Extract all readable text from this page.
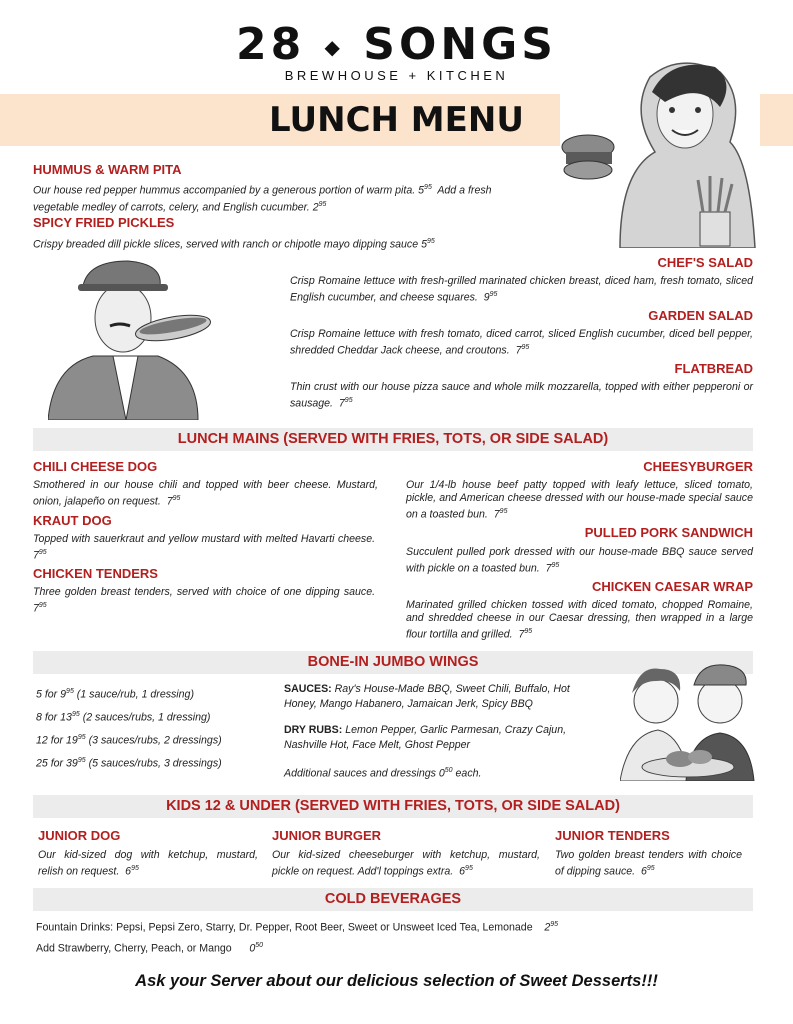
28 ◆ SONGS
BREWHOUSE + KITCHEN
LUNCH MENU
HUMMUS & WARM PITA
Our house red pepper hummus accompanied by a generous portion of warm pita. $5^{95}$ Add a fresh vegetable medley of carrots, celery, and English cucumber. $2^{95}$
SPICY FRIED PICKLES
Crispy breaded dill pickle slices, served with ranch or chipotle mayo dipping sauce $5^{95}$
CHEF'S SALAD
Crisp Romaine lettuce with fresh-grilled marinated chicken breast, diced ham, fresh tomato, sliced English cucumber, and cheese squares. $9^{95}$
GARDEN SALAD
Crisp Romaine lettuce with fresh tomato, diced carrot, sliced English cucumber, diced bell pepper, shredded Cheddar Jack cheese, and croutons. $7^{95}$
FLATBREAD
Thin crust with our house pizza sauce and whole milk mozzarella, topped with either pepperoni or sausage. $7^{95}$
LUNCH MAINS (SERVED WITH FRIES, TOTS, OR SIDE SALAD)
CHILI CHEESE DOG
Smothered in our house chili and topped with beer cheese. Mustard, onion, jalapeño on request. $7^{95}$
KRAUT DOG
Topped with sauerkraut and yellow mustard with melted Havarti cheese.  $7^{95}$
CHICKEN TENDERS
Three golden breast tenders, served with choice of one dipping sauce.  $7^{95}$
CHEESYBURGER
Our 1/4-lb house beef patty topped with leafy lettuce, sliced tomato, pickle, and American cheese dressed with our house-made special sauce on a toasted bun. $7^{95}$
PULLED PORK SANDWICH
Succulent pulled pork dressed with our house-made BBQ sauce served with pickle on a toasted bun. $7^{95}$
CHICKEN CAESAR WRAP
Marinated grilled chicken tossed with diced tomato, chopped Romaine, and shredded cheese in our Caesar dressing, then wrapped in a large flour tortilla and grilled. $7^{95}$
BONE-IN JUMBO WINGS
5 for $9^{95}$ (1 sauce/rub, 1 dressing)
8 for $13^{95}$ (2 sauces/rubs, 1 dressing)
12 for $19^{95}$ (3 sauces/rubs, 2 dressings)
25 for $39^{95}$ (5 sauces/rubs, 3 dressings)
SAUCES: Ray's House-Made BBQ, Sweet Chili, Buffalo, Hot Honey, Mango Habanero, Jamaican Jerk, Spicy BBQ
DRY RUBS: Lemon Pepper, Garlic Parmesan, Crazy Cajun, Nashville Hot, Face Melt, Ghost Pepper
Additional sauces and dressings $0^{50}$ each.
KIDS 12 & UNDER (SERVED WITH FRIES, TOTS, OR SIDE SALAD)
JUNIOR DOG
Our kid-sized dog with ketchup, mustard, relish on request. $6^{95}$
JUNIOR BURGER
Our kid-sized cheeseburger with ketchup, mustard, pickle on request. Add'l toppings extra. $6^{95}$
JUNIOR TENDERS
Two golden breast tenders with choice of dipping sauce. $6^{95}$
COLD BEVERAGES
Fountain Drinks: Pepsi, Pepsi Zero, Starry, Dr. Pepper, Root Beer, Sweet or Unsweet Iced Tea, Lemonade $2^{95}$
Add Strawberry, Cherry, Peach, or Mango $0^{50}$
Ask your Server about our delicious selection of Sweet Desserts!!!
